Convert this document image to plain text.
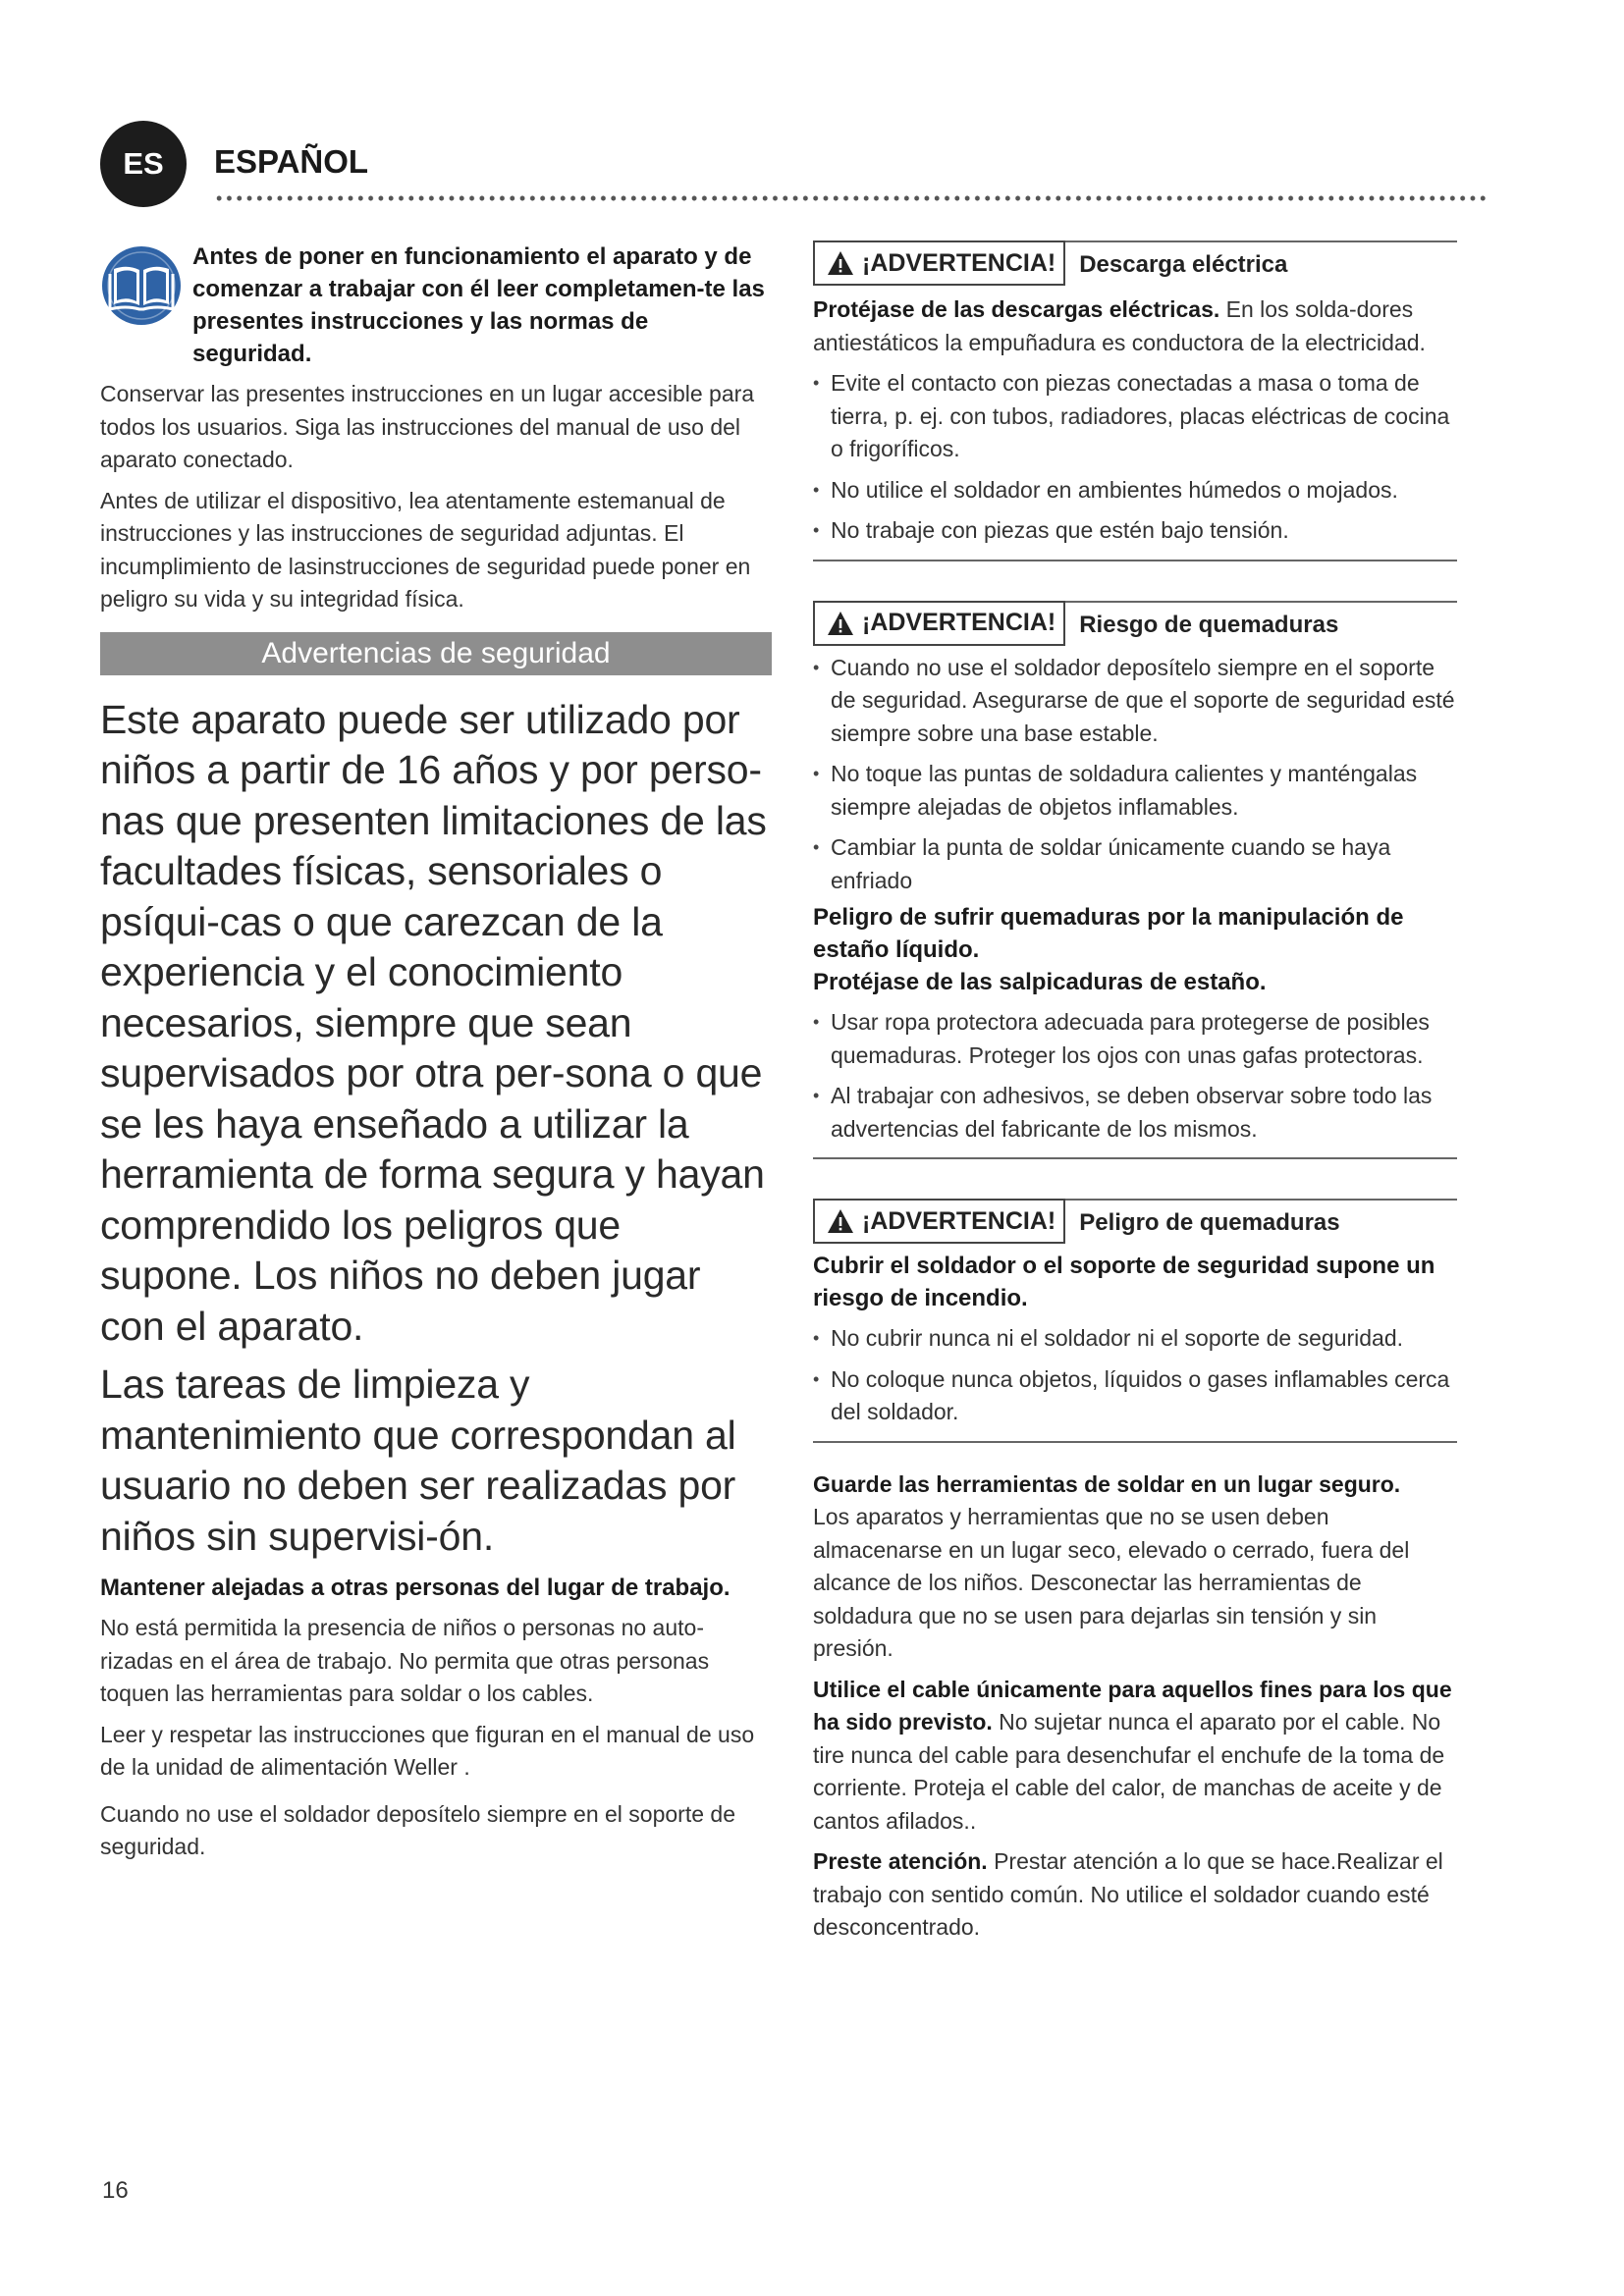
ES	ESPAÑOL

Antes de poner en funcionamiento el aparato y de comenzar a trabajar con él leer completamen-te las presentes instrucciones y las normas de seguridad.

Conservar las presentes instrucciones en un lugar accesible para todos los usuarios. Siga las instrucciones del manual de uso del aparato conectado.

Antes de utilizar el dispositivo, lea atentamente estemanual de instrucciones y las instrucciones de seguridad adjuntas. El incumplimiento de lasinstrucciones de seguridad puede poner en peligro su vida y su integridad física.

Advertencias de seguridad

Este aparato puede ser utilizado por niños a partir de 16 años y por perso-nas que presenten limitaciones de las facultades físicas, sensoriales o psíqui-cas o que carezcan de la experiencia y el conocimiento necesarios, siempre que sean supervisados por otra per-sona o que se les haya enseñado a utilizar la herramienta de forma segura y hayan comprendido los peligros que supone. Los niños no deben jugar con el aparato.

Las tareas de limpieza y mantenimiento que correspondan al usuario no deben ser realizadas por niños sin supervisi-ón.

Mantener alejadas a otras personas del lugar de trabajo.

No está permitida la presencia de niños o personas no auto-rizadas en el área de trabajo. No permita que otras personas toquen las herramientas para soldar o los cables.

Leer y respetar las instrucciones que figuran en el manual de uso de la unidad de alimentación Weller .

Cuando no use el soldador deposítelo siempre en el soporte de seguridad.

¡ADVERTENCIA!	Descarga eléctrica

Protéjase de las descargas eléctricas. En los solda-dores antiestáticos la empuñadura es conductora de la electricidad.

• Evite el contacto con piezas conectadas a masa o toma de tierra, p. ej. con tubos, radiadores, placas eléctricas de cocina o frigoríficos.
• No utilice el soldador en ambientes húmedos o mojados.
• No trabaje con piezas que estén bajo tensión.
¡ADVERTENCIA!	Riesgo de quemaduras
• Cuando no use el soldador deposítelo siempre en el soporte de seguridad. Asegurarse de que el soporte de seguridad esté siempre sobre una base estable.
• No toque las puntas de soldadura calientes y manténgalas siempre alejadas de objetos inflamables.
• Cambiar la punta de soldar únicamente cuando se haya enfriado

Peligro de sufrir quemaduras por la manipulación de estaño líquido.

Protéjase de las salpicaduras de estaño.

• Usar ropa protectora adecuada para protegerse de posibles quemaduras. Proteger los ojos con unas gafas protectoras.
• Al trabajar con adhesivos, se deben observar sobre todo las advertencias del fabricante de los mismos.
¡ADVERTENCIA!	Peligro de quemaduras

Cubrir el soldador o el soporte de seguridad supone un riesgo de incendio.

• No cubrir nunca ni el soldador ni el soporte de seguridad.
• No coloque nunca objetos, líquidos o gases inflamables cerca del soldador.

Guarde las herramientas de soldar en un lugar seguro.
Los aparatos y herramientas que no se usen deben almacenarse en un lugar seco, elevado o cerrado, fuera del alcance de los niños. Desconectar las herramientas de soldadura que no se usen para dejarlas sin tensión y sin presión.

Utilice el cable únicamente para aquellos fines para los que ha sido previsto. No sujetar nunca el aparato por el cable. No tire nunca del cable para desenchufar el enchufe de la toma de corriente. Proteja el cable del calor, de manchas de aceite y de cantos afilados..

Preste atención. Prestar atención a lo que se hace.Realizar el trabajo con sentido común. No utilice el soldador cuando esté desconcentrado.

16
